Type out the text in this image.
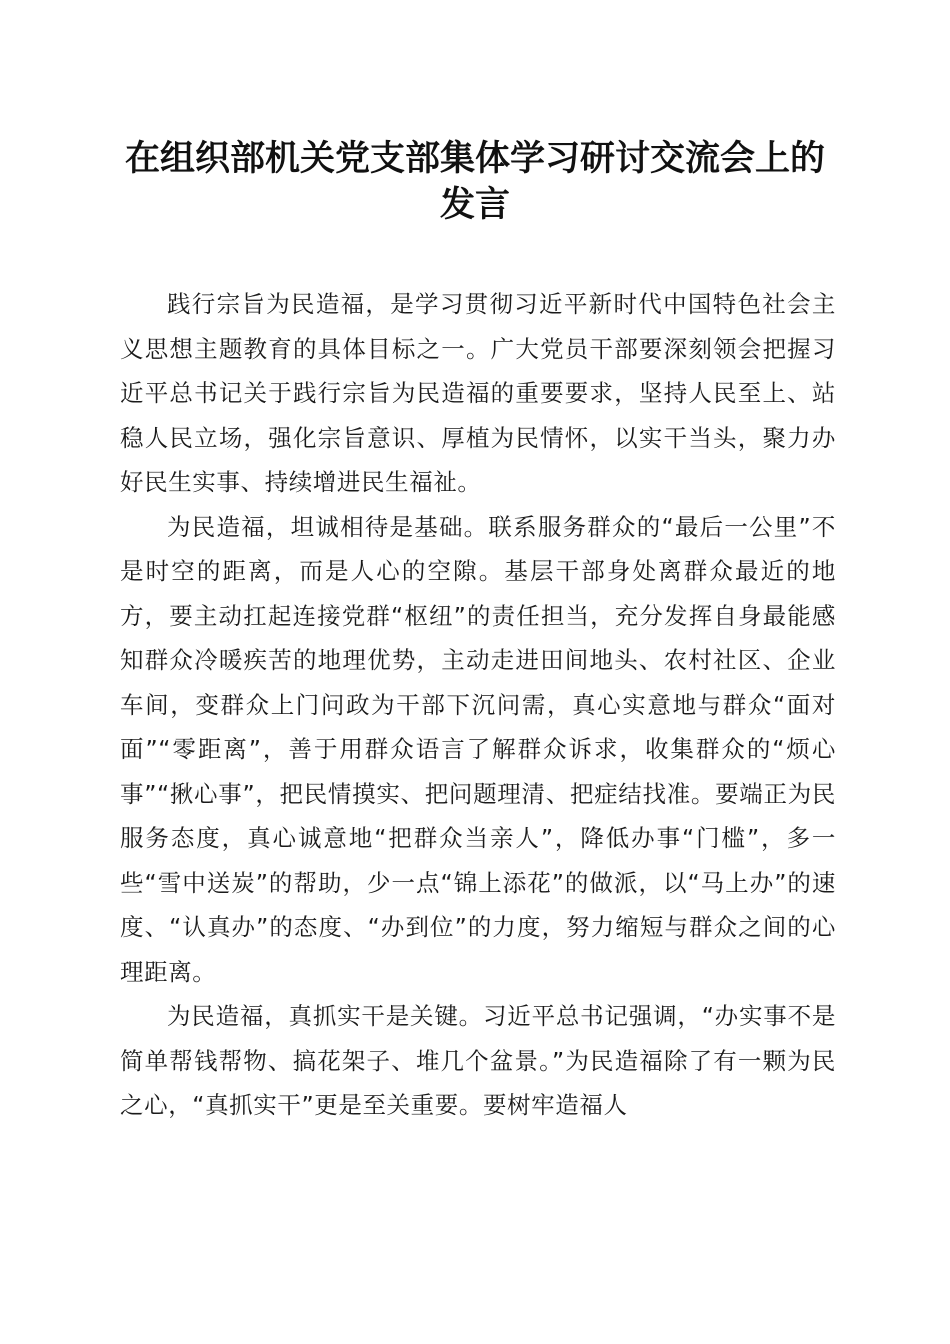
在组织部机关党支部集体学习研讨交流会上的
发言

践行宗旨为民造福，是学习贯彻习近平新时代中国特色社会主义思想主题教育的具体目标之一。广大党员干部要深刻领会把握习近平总书记关于践行宗旨为民造福的重要要求，坚持人民至上、站稳人民立场，强化宗旨意识、厚植为民情怀，以实干当头，聚力办好民生实事、持续增进民生福祉。

为民造福，坦诚相待是基础。联系服务群众的“最后一公里”不是时空的距离，而是人心的空隙。基层干部身处离群众最近的地方，要主动扛起连接党群“枢纽”的责任担当，充分发挥自身最能感知群众冷暖疾苦的地理优势，主动走进田间地头、农村社区、企业车间，变群众上门问政为干部下沉问需，真心实意地与群众“面对面”“零距离”，善于用群众语言了解群众诉求，收集群众的“烦心事”“揪心事”，把民情摸实、把问题理清、把症结找准。要端正为民服务态度，真心诚意地“把群众当亲人”，降低办事“门槛”，多一些“雪中送炭”的帮助，少一点“锦上添花”的做派，以“马上办”的速度、“认真办”的态度、“办到位”的力度，努力缩短与群众之间的心理距离。

为民造福，真抓实干是关键。习近平总书记强调，“办实事不是简单帮钱帮物、搞花架子、堆几个盆景。”为民造福除了有一颗为民之心，“真抓实干”更是至关重要。要树牢造福人
